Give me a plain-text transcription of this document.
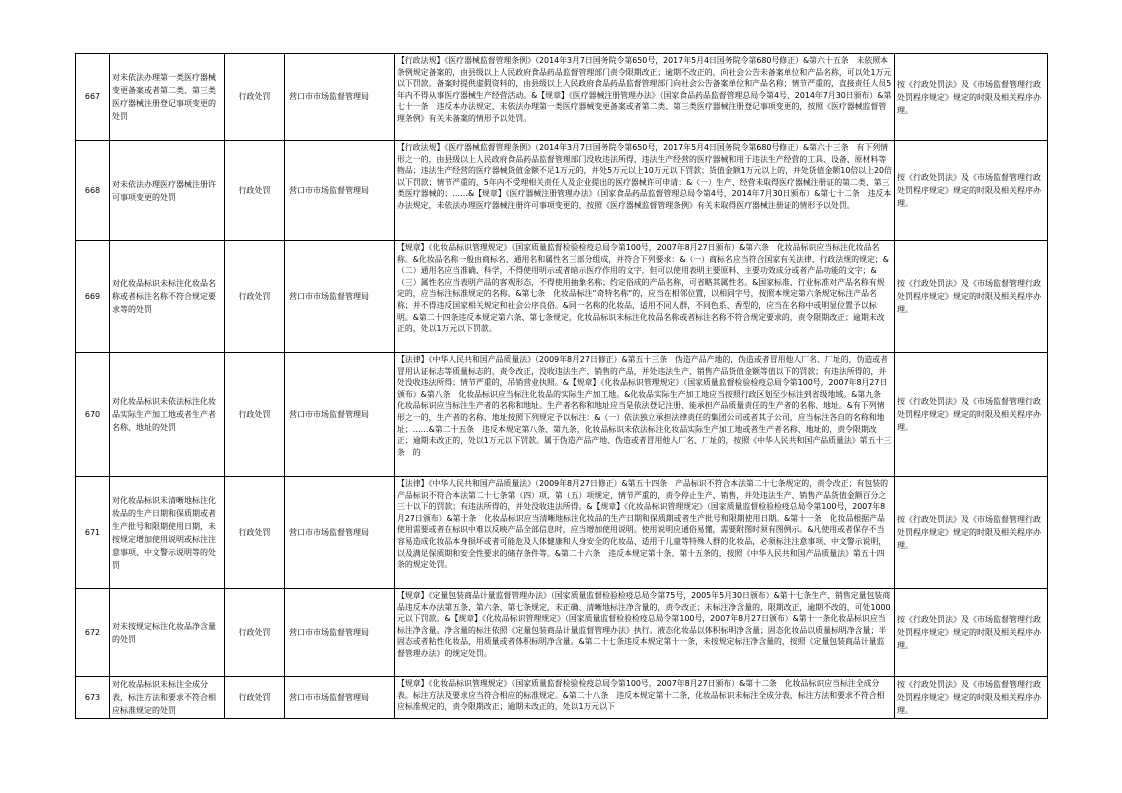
667	对未依法办理第一类医疗器械变更备案或者第二类、第三类医疗器械注册登记事项变更的处罚	行政处罚	营口市市场监督管理局	【行政法规】《医疗器械监督管理条例》（2014年3月7日国务院令第650号，2017年5月4日国务院令第680号修正）&第六十五条　未依照本条例规定备案的，由县级以上人民政府食品药品监督管理部门责令限期改正；逾期不改正的，向社会公告未备案单位和产品名称，可以处1万元以下罚款。备案时提供虚假资料的，由县级以上人民政府食品药品监督管理部门向社会公告备案单位和产品名称；情节严重的，直接责任人员5年内不得从事医疗器械生产经营活动。&【规章】《医疗器械注册管理办法》（国家食品药品监督管理总局令第4号，2014年7月30日颁布）&第七十一条　违反本办法规定，未依法办理第一类医疗器械变更备案或者第二类、第三类医疗器械注册登记事项变更的，按照《医疗器械监督管理条例》有关未备案的情形予以处罚。	按《行政处罚法》及《市场监督管理行政处罚程序规定》规定的时限及相关程序办理。

668	对未依法办理医疗器械注册许可事项变更的处罚	行政处罚	营口市市场监督管理局	【行政法规】《医疗器械监督管理条例》（2014年3月7日国务院令第650号，2017年5月4日国务院令第680号修正）&第六十三条　有下列情形之一的，由县级以上人民政府食品药品监督管理部门没收违法所得、违法生产经营的医疗器械和用于违法生产经营的工具、设备、原材料等物品；违法生产经营的医疗器械货值金额不足1万元的，并处5万元以上10万元以下罚款；货值金额1万元以上的，并处货值金额10倍以上20倍以下罚款；情节严重的，5年内不受理相关责任人及企业提出的医疗器械许可申请：&（一）生产、经营未取得医疗器械注册证的第二类、第三类医疗器械的；……&【规章】《医疗器械注册管理办法》（国家食品药品监督管理总局令第4号，2014年7月30日颁布）&第七十二条　违反本办法规定，未依法办理医疗器械注册许可事项变更的，按照《医疗器械监督管理条例》有关未取得医疗器械注册证的情形予以处罚。	按《行政处罚法》及《市场监督管理行政处罚程序规定》规定的时限及相关程序办理。

669	对化妆品标识未标注化妆品名称或者标注名称不符合规定要求等的处罚	行政处罚	营口市市场监督管理局	【规章】《化妆品标识管理规定》（国家质量监督检验检疫总局令第100号，2007年8月27日颁布）&第六条　化妆品标识应当标注化妆品名称。&化妆品名称一般由商标名、通用名和属性名三部分组成，并符合下列要求：&（一）商标名应当符合国家有关法律、行政法规的规定；&（二）通用名应当准确、科学，不得使用明示或者暗示医疗作用的文字，但可以使用表明主要原料、主要功效成分或者产品功能的文字；&（三）属性名应当表明产品的客观形态，不得使用抽象名称；约定俗成的产品名称，可省略其属性名。&国家标准、行业标准对产品名称有规定的，应当标注标准规定的名称。&第七条　化妆品标注“奇特名称”的，应当在相邻位置，以相同字号，按照本规定第六条规定标注产品名称；并不得违反国家相关规定和社会公序良俗。&同一名称的化妆品，适用不同人群，不同色系、香型的，应当在名称中或明显位置予以标明。&第二十四条违反本规定第六条、第七条规定，化妆品标识未标注化妆品名称或者标注名称不符合规定要求的，责令限期改正；逾期未改正的，处以1万元以下罚款。	按《行政处罚法》及《市场监督管理行政处罚程序规定》规定的时限及相关程序办理。

670	对化妆品标识未依法标注化妆品实际生产加工地或者生产者名称、地址的处罚	行政处罚	营口市市场监督管理局	【法律】《中华人民共和国产品质量法》（2009年8月27日修正）&第五十三条　伪造产品产地的，伪造或者冒用他人厂名、厂址的，伪造或者冒用认证标志等质量标志的，责令改正，没收违法生产、销售的产品，并处违法生产、销售产品货值金额等值以下的罚款；有违法所得的，并处没收违法所得；情节严重的，吊销营业执照。&【规章】《化妆品标识管理规定》（国家质量监督检验检疫总局令第100号，2007年8月27日颁布）&第八条　化妆品标识应当标注化妆品的实际生产加工地。&化妆品实际生产加工地应当按照行政区划至少标注到省级地域。&第九条　化妆品标识应当标注生产者的名称和地址。生产者名称和地址应当是依法登记注册、能承担产品质量责任的生产者的名称、地址。&有下列情形之一的，生产者的名称、地址按照下列规定予以标注：&（一）依法独立承担法律责任的集团公司或者其子公司，应当标注各自的名称和地址；……&第二十五条　违反本规定第八条、第九条，化妆品标识未依法标注化妆品实际生产加工地或者生产者名称、地址的，责令限期改正；逾期未改正的，处以1万元以下罚款。属于伪造产品产地、伪造或者冒用他人厂名、厂址的，按照《中华人民共和国产品质量法》第五十三条　的	按《行政处罚法》及《市场监督管理行政处罚程序规定》规定的时限及相关程序办理。

671	对化妆品标识未清晰地标注化妆品的生产日期和保质期或者生产批号和限期使用日期，未按规定增加使用说明或标注注意事项、中文警示说明等的处罚	行政处罚	营口市市场监督管理局	【法律】《中华人民共和国产品质量法》（2009年8月27日修正）&第五十四条　产品标识不符合本法第二十七条规定的，责令改正；有包装的产品标识不符合本法第二十七条第（四）项、第（五）项规定，情节严重的，责令停止生产、销售，并处违法生产、销售产品货值金额百分之三十以下的罚款；有违法所得的，并处没收违法所得。&【规章】《化妆品标识管理规定》（国家质量监督检验检疫总局令第100号，2007年8月27日颁布）&第十条　化妆品标识应当清晰地标注化妆品的生产日期和保质期或者生产批号和限期使用日期。&第十一条　化妆品根据产品使用需要或者在标识中难以反映产品全部信息时，应当增加使用说明。使用说明应通俗易懂，需要附图时须有图例示。&凡使用或者保存不当容易造成化妆品本身损坏或者可能危及人体健康和人身安全的化妆品、适用于儿童等特殊人群的化妆品，必须标注注意事项、中文警示说明，以及满足保质期和安全性要求的储存条件等。&第二十六条　违反本规定第十条、第十五条的，按照《中华人民共和国产品质量法》第五十四条的规定处罚。	按《行政处罚法》及《市场监督管理行政处罚程序规定》规定的时限及相关程序办理。

672	对未按规定标注化妆品净含量的处罚	行政处罚	营口市市场监督管理局	【规章】《定量包装商品计量监督管理办法》（国家质量监督检验检疫总局令第75号，2005年5月30日颁布）&第十七条生产、销售定量包装商品违反本办法第五条、第六条、第七条规定，未正确、清晰地标注净含量的，责令改正；未标注净含量的，限期改正，逾期不改的，可处1000元以下罚款。&【规章】《化妆品标识管理规定》（国家质量监督检验检疫总局令第100号，2007年8月27日颁布）&第十一条化妆品标识应当标注净含量。净含量的标注依照《定量包装商品计量监督管理办法》执行。液态化妆品以体积标明净含量；固态化妆品以质量标明净含量；半固态或者粘性化妆品，用质量或者体积标明净含量。&第二十七条违反本规定第十一条，未按规定标注净含量的，按照《定量包装商品计量监督管理办法》的规定处罚。	按《行政处罚法》及《市场监督管理行政处罚程序规定》规定的时限及相关程序办理。

673	对化妆品标识未标注全成分表，标注方法和要求不符合相应标准规定的处罚	行政处罚	营口市市场监督管理局	【规章】《化妆品标识管理规定》（国家质量监督检验检疫总局令第100号，2007年8月27日颁布）&第十二条　化妆品标识应当标注全成分表。标注方法及要求应当符合相应的标准规定。&第二十八条　违反本规定第十二条，化妆品标识未标注全成分表，标注方法和要求不符合相应标准规定的，责令限期改正；逾期未改正的，处以1万元以下	按《行政处罚法》及《市场监督管理行政处罚程序规定》规定的时限及相关程序办理。
